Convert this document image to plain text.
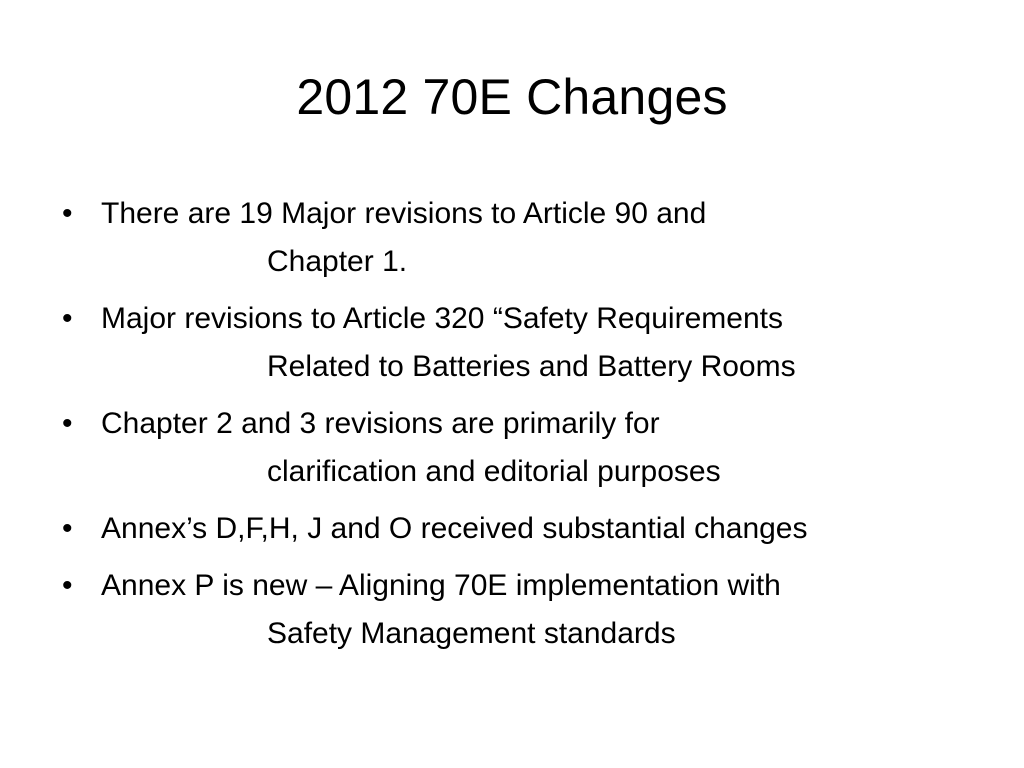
2012 70E Changes
• There are 19 Major revisions to Article 90 and
Chapter 1.
• Major revisions to Article 320 “Safety Requirements
Related to Batteries and Battery Rooms
• Chapter 2 and 3 revisions are primarily for
clarification and editorial purposes
• Annex’s D,F,H, J and O received substantial changes
• Annex P is new – Aligning 70E implementation with
Safety Management standards
